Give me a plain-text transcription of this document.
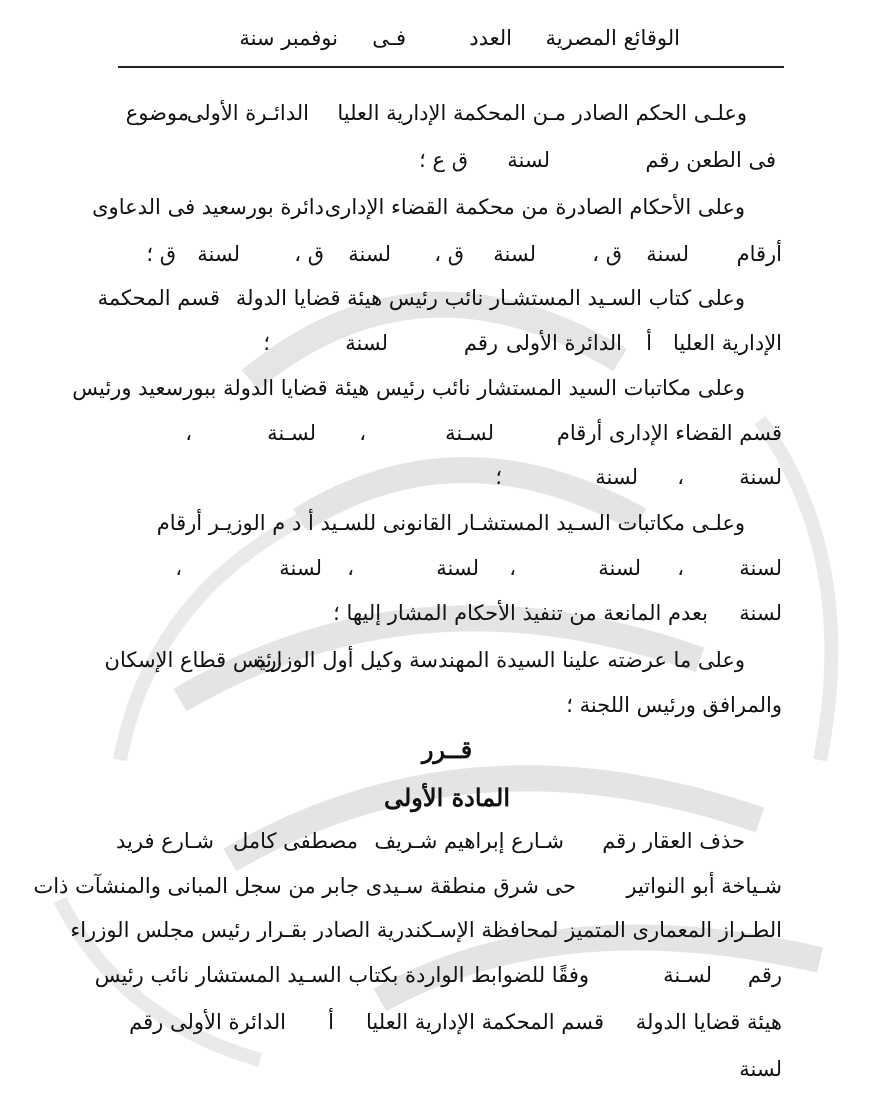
الوقائع المصرية
العدد
فـى
نوفمبر سنة
وعلـى الحكم الصادر مـن المحكمة الإدارية العليا
الدائـرة الأولى
موضوع
فى الطعن رقم
لسنة
ق ع ؛
وعلى الأحكام الصادرة من محكمة القضاء الإدارى
دائرة بورسعيد فى الدعاوى
أرقام
لسنة
ق ،
لسنة
ق ،
لسنة
ق ،
لسنة
ق ؛
وعلى كتاب السـيد المستشـار نائب رئيس هيئة قضايا الدولة
قسم المحكمة
الإدارية العليا
أ
الدائرة الأولى
رقم
لسنة
؛
وعلى مكاتبات السيد المستشار نائب رئيس هيئة قضايا الدولة ببورسعيد ورئيس
قسم القضاء الإدارى أرقام
لسـنة
،
لسـنة
،
لسنة
،
لسنة
؛
وعلـى مكاتبات السـيد المستشـار القانونى للسـيد أ د م الوزيـر أرقام
لسنة
،
لسنة
،
لسنة
،
لسنة
،
لسنة
بعدم المانعة من تنفيذ الأحكام المشار إليها ؛
وعلى ما عرضته علينا السيدة المهندسة وكيل أول الوزارة
رئيس قطاع الإسكان
والمرافق ورئيس اللجنة ؛
قــرر
المادة الأولى
حذف العقار رقم
شـارع إبراهيم شـريف
مصطفى كامل
شـارع فريد
شـياخة أبو النواتير
حى شرق منطقة سـيدى جابر من سجل المبانى والمنشآت ذات
الطـراز المعمارى المتميز لمحافظة الإسـكندرية الصادر بقـرار رئيس مجلس الوزراء
رقم
لسـنة
وفقًا للضوابط الواردة بكتاب السـيد المستشار نائب رئيس
هيئة قضايا الدولة
قسم المحكمة الإدارية العليا
أ
الدائرة الأولى رقم
لسنة
